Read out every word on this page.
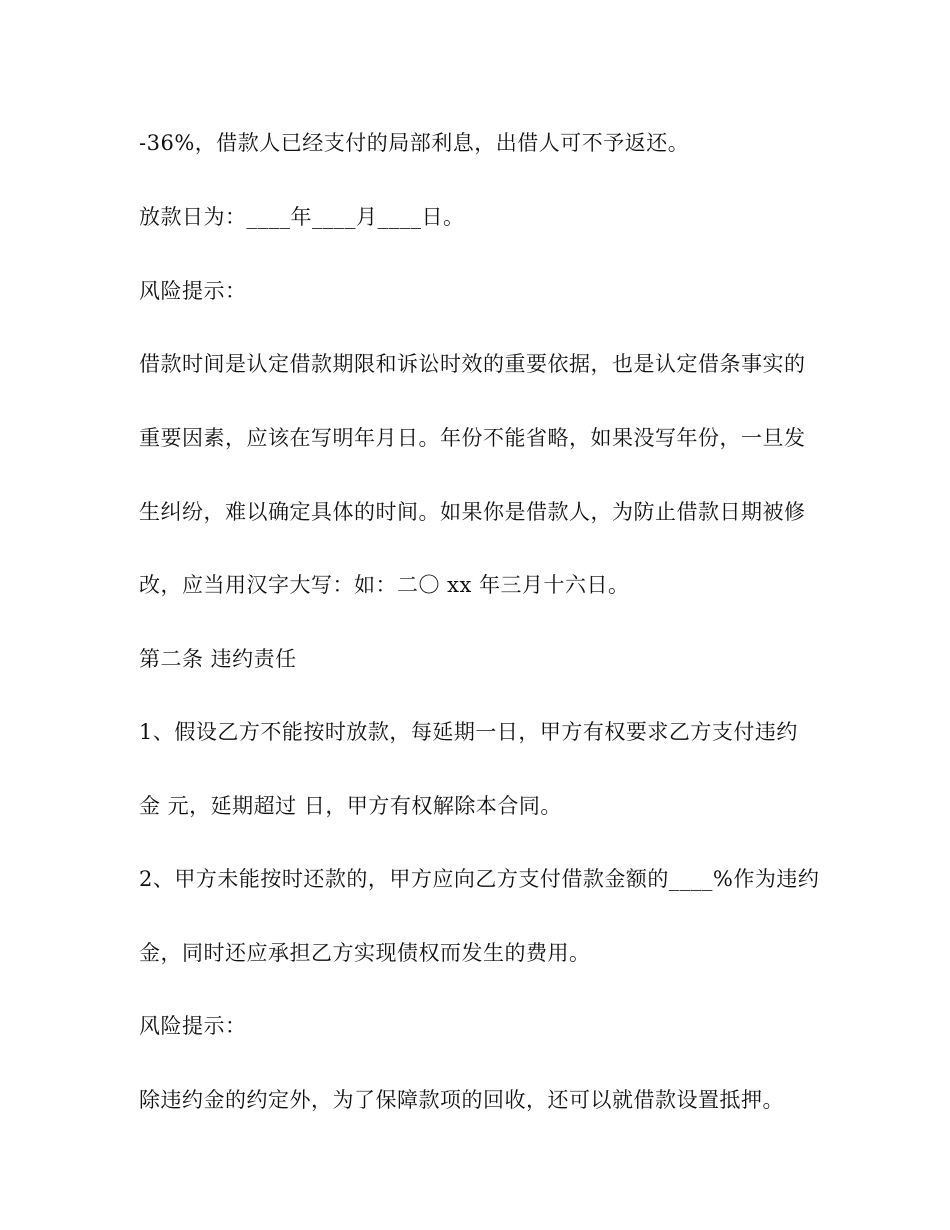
-36%，借款人已经支付的局部利息，出借人可不予返还。

放款日为：____年____月____日。

风险提示：

借款时间是认定借款期限和诉讼时效的重要依据，也是认定借条事实的

重要因素，应该在写明年月日。年份不能省略，如果没写年份，一旦发

生纠纷，难以确定具体的时间。如果你是借款人，为防止借款日期被修

改，应当用汉字大写：如：二〇 xx 年三月十六日。

第二条 违约责任

1、假设乙方不能按时放款，每延期一日，甲方有权要求乙方支付违约

金 元，延期超过 日，甲方有权解除本合同。

2、甲方未能按时还款的，甲方应向乙方支付借款金额的____%作为违约

金，同时还应承担乙方实现债权而发生的费用。

风险提示：

除违约金的约定外，为了保障款项的回收，还可以就借款设置抵押。
